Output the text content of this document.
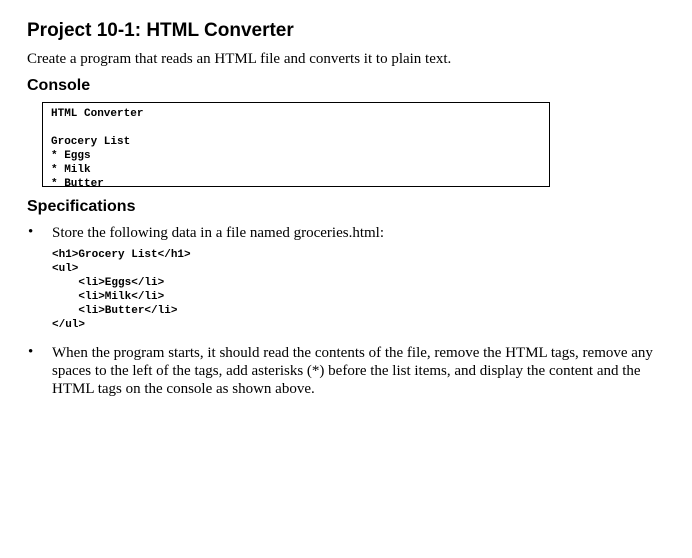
Project 10-1: HTML Converter

Create a program that reads an HTML file and converts it to plain text.

Console
HTML Converter
Grocery List
* Eggs
* Milk
* Butter
Specifications
• Store the following data in a file named groceries.html:
<h1>Grocery List</h1>
<ul>
<li>Eggs</li>
<li>Milk</li>
<li>Butter</li>
</ul>
• When the program starts, it should read the contents of the file, remove the HTML tags, remove any spaces to the left of the tags, add asterisks (*) before the list items, and display the content and the HTML tags on the console as shown above.
